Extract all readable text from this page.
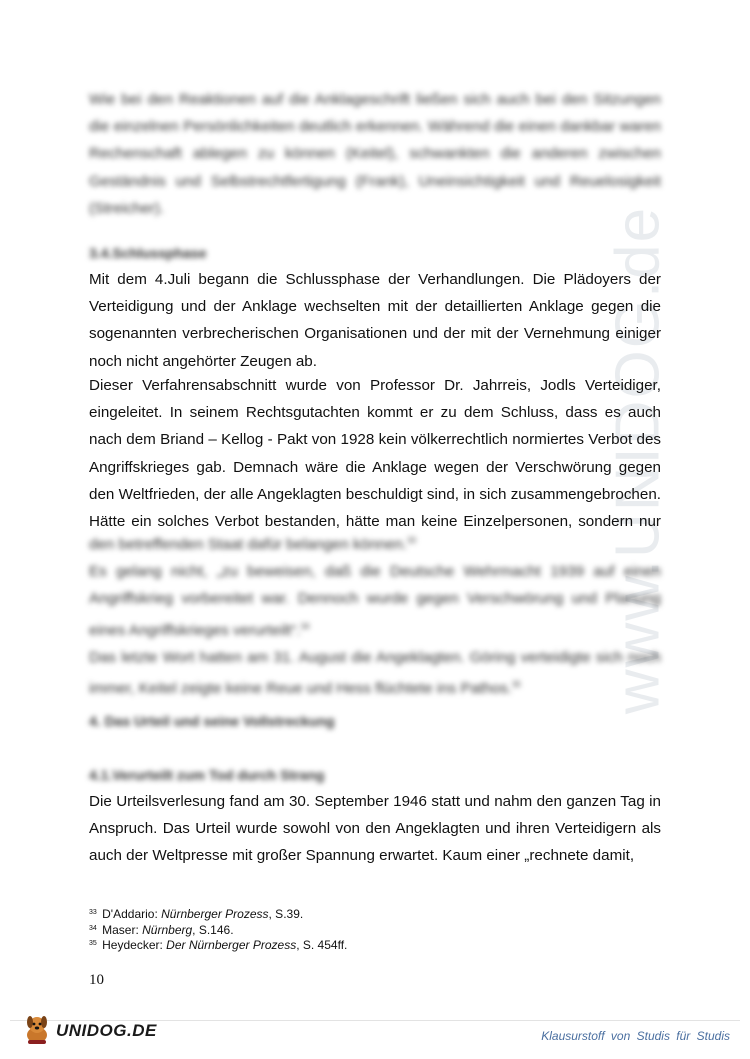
www.UNIDOG.de
Wie bei den Reaktionen auf die Anklageschrift ließen sich auch bei den Sitzungen
die einzelnen Persönlichkeiten deutlich erkennen. Während die einen dankbar waren
Rechenschaft ablegen zu können (Keitel), schwankten die anderen zwischen
Geständnis und Selbstrechtfertigung (Frank), Uneinsichtigkeit und Reuelosigkeit
(Streicher).
3.4.Schlussphase
Mit dem 4.Juli begann die Schlussphase der Verhandlungen. Die Plädoyers der
Verteidigung und der Anklage wechselten mit der detaillierten Anklage gegen die
sogenannten verbrecherischen Organisationen und der mit der Vernehmung einiger
noch nicht angehörter Zeugen ab.
Dieser Verfahrensabschnitt wurde von Professor Dr. Jahrreis, Jodls Verteidiger,
eingeleitet. In seinem Rechtsgutachten kommt er zu dem Schluss, dass es auch
nach dem Briand – Kellog - Pakt von 1928 kein völkerrechtlich normiertes Verbot des
Angriffskrieges gab. Demnach wäre die Anklage wegen der Verschwörung gegen
den Weltfrieden, der alle Angeklagten beschuldigt sind, in sich zusammengebrochen.
Hätte ein solches Verbot bestanden, hätte man keine Einzelpersonen, sondern nur
den betreffenden Staat dafür belangen können.$^{33}$
Es gelang nicht, „zu beweisen, daß die Deutsche Wehrmacht 1939 auf einen
Angriffskrieg vorbereitet war. Dennoch wurde gegen Verschwörung und Planung
eines Angriffskrieges verurteilt“.$^{34}$
Das letzte Wort hatten am 31. August die Angeklagten. Göring verteidigte sich noch
immer, Keitel zeigte keine Reue und Hess flüchtete ins Pathos.$^{35}$
4. Das Urteil und seine Vollstreckung
4.1.Verurteilt zum Tod durch Strang
Die Urteilsverlesung fand am 30. September 1946 statt und nahm den ganzen Tag in
Anspruch. Das Urteil wurde sowohl von den Angeklagten und ihren Verteidigern als
auch der Weltpresse mit großer Spannung erwartet. Kaum einer „rechnete damit,
$^{33}$ D'Addario: Nürnberger Prozess, S.39.
$^{34}$ Maser: Nürnberg, S.146.
$^{35}$ Heydecker: Der Nürnberger Prozess, S. 454ff.
10
UNIDOG.DE	Klausurstoff von Studis für Studis
